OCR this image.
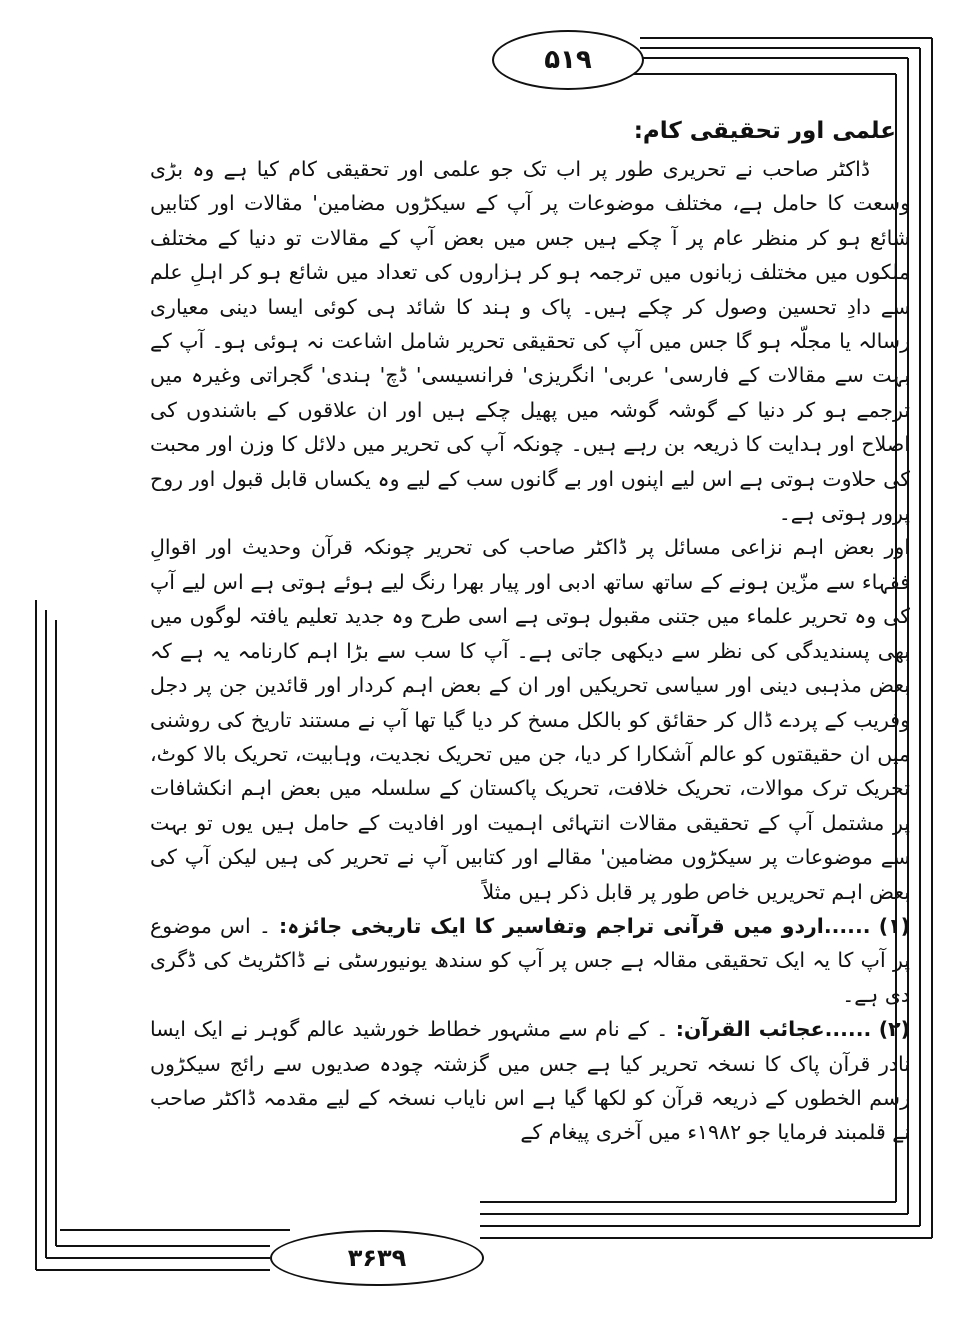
۵۱۹
علمی اور تحقیقی کام:

ڈاکٹر صاحب نے تحریری طور پر اب تک جو علمی اور تحقیقی کام کیا ہے وہ بڑی وسعت کا حامل ہے، مختلف موضوعات پر آپ کے سیکڑوں مضامین' مقالات اور کتابیں شائع ہو کر منظر عام پر آ چکے ہیں جس میں بعض آپ کے مقالات تو دنیا کے مختلف ملکوں میں مختلف زبانوں میں ترجمہ ہو کر ہزاروں کی تعداد میں شائع ہو کر اہلِ علم سے دادِ تحسین وصول کر چکے ہیں۔ پاک و ہند کا شائد ہی کوئی ایسا دینی معیاری رسالہ یا مجلّہ ہو گا جس میں آپ کی تحقیقی تحریر شامل اشاعت نہ ہوئی ہو۔ آپ کے بہت سے مقالات کے فارسی' عربی' انگریزی' فرانسیسی' ڈچ' ہندی' گجراتی وغیرہ میں ترجمے ہو کر دنیا کے گوشہ گوشہ میں پھیل چکے ہیں اور ان علاقوں کے باشندوں کی اصلاح اور ہدایت کا ذریعہ بن رہے ہیں۔ چونکہ آپ کی تحریر میں دلائل کا وزن اور محبت کی حلاوت ہوتی ہے اس لیے اپنوں اور بے گانوں سب کے لیے وہ یکساں قابل قبول اور روح پرور ہوتی ہے۔

اور بعض اہم نزاعی مسائل پر ڈاکٹر صاحب کی تحریر چونکہ قرآن وحدیث اور اقوالِ فقہاء سے مزّین ہونے کے ساتھ ساتھ ادبی اور پیار بھرا رنگ لیے ہوئے ہوتی ہے اس لیے آپ کی وہ تحریر علماء میں جتنی مقبول ہوتی ہے اسی طرح وہ جدید تعلیم یافتہ لوگوں میں بھی پسندیدگی کی نظر سے دیکھی جاتی ہے۔ آپ کا سب سے بڑا اہم کارنامہ یہ ہے کہ بعض مذہبی دینی اور سیاسی تحریکیں اور ان کے بعض اہم کردار اور قائدین جن پر دجل وفریب کے پردے ڈال کر حقائق کو بالکل مسخ کر دیا گیا تھا آپ نے مستند تاریخ کی روشنی میں ان حقیقتوں کو عالم آشکارا کر دیا، جن میں تحریک نجدیت، وہابیت، تحریک بالا کوٹ، تحریک ترک موالات، تحریک خلافت، تحریک پاکستان کے سلسلہ میں بعض اہم انکشافات پر مشتمل آپ کے تحقیقی مقالات انتہائی اہمیت اور افادیت کے حامل ہیں یوں تو بہت سے موضوعات پر سیکڑوں مضامین' مقالے اور کتابیں آپ نے تحریر کی ہیں لیکن آپ کی بعض اہم تحریریں خاص طور پر قابل ذکر ہیں مثلاً

(۱) ......اردو میں قرآنی تراجم وتفاسیر کا ایک تاریخی جائزہ: ۔ اس موضوع پر آپ کا یہ ایک تحقیقی مقالہ ہے جس پر آپ کو سندھ یونیورسٹی نے ڈاکٹریٹ کی ڈگری دی ہے۔

(۲) ......عجائب القرآن: ۔ کے نام سے مشہور خطاط خورشید عالم گوہر نے ایک ایسا نادر قرآن پاک کا نسخہ تحریر کیا ہے جس میں گزشتہ چودہ صدیوں سے رائج سیکڑوں رسم الخطوں کے ذریعہ قرآن کو لکھا گیا ہے اس نایاب نسخہ کے لیے مقدمہ ڈاکٹر صاحب نے قلمبند فرمایا جو ۱۹۸۲ء میں آخری پیغام کے

۳۶۳۹
